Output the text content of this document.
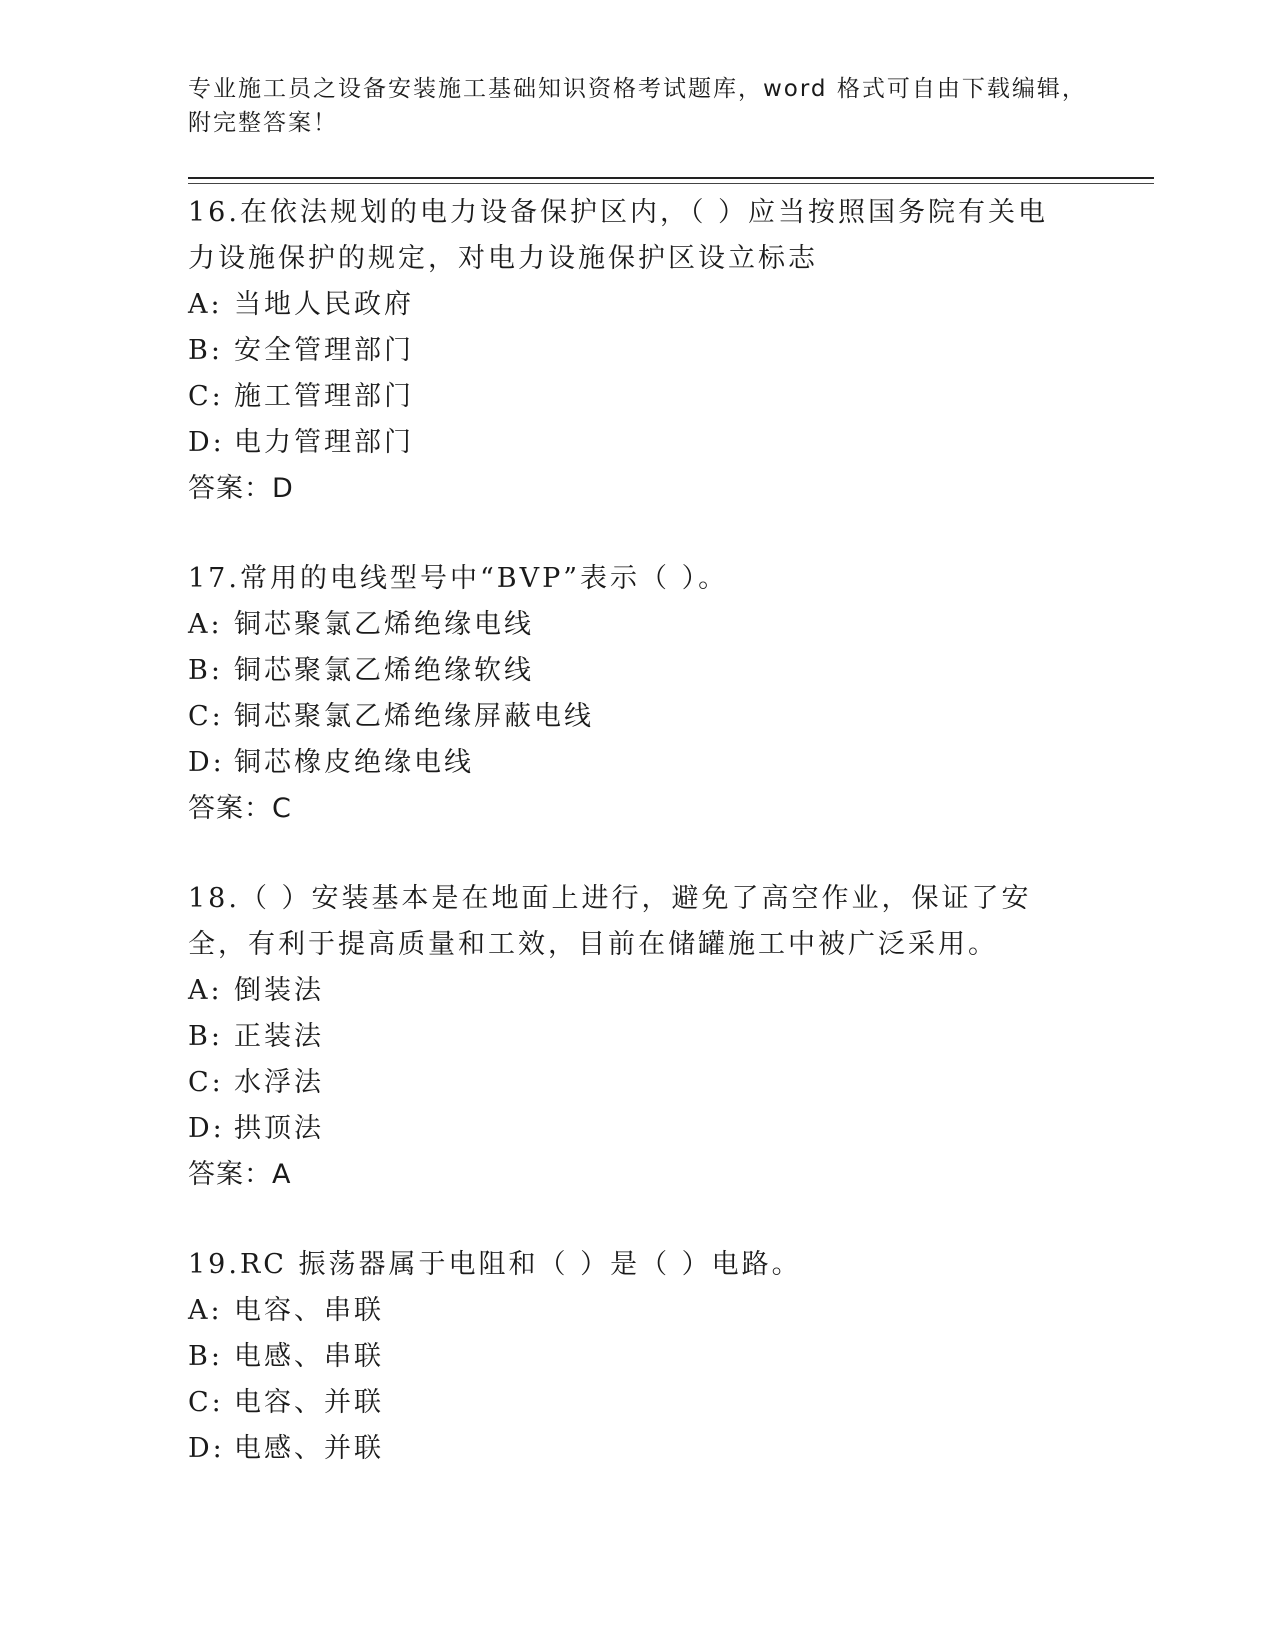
专业施工员之设备安装施工基础知识资格考试题库，word 格式可自由下载编辑，
附完整答案！

16.在依法规划的电力设备保护区内，（ ）应当按照国务院有关电力设施保护的规定，对电力设施保护区设立标志

A: 当地人民政府
B: 安全管理部门
C: 施工管理部门
D: 电力管理部门

答案：D

17.常用的电线型号中“BVP”表示（ ）。

A: 铜芯聚氯乙烯绝缘电线
B: 铜芯聚氯乙烯绝缘软线
C: 铜芯聚氯乙烯绝缘屏蔽电线
D: 铜芯橡皮绝缘电线

答案：C

18.（ ）安装基本是在地面上进行，避免了高空作业，保证了安全，有利于提高质量和工效，目前在储罐施工中被广泛采用。

A: 倒装法
B: 正装法
C: 水浮法
D: 拱顶法

答案：A

19.RC 振荡器属于电阻和（ ）是（ ）电路。

A: 电容、串联
B: 电感、串联
C: 电容、并联
D: 电感、并联
